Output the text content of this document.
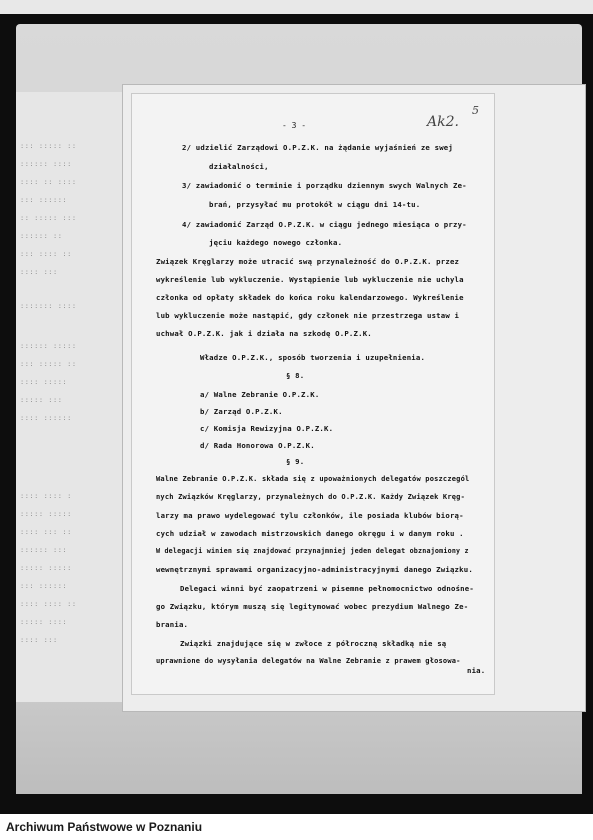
::: ::::: ::
:::::: ::::
:::: :: ::::
::: ::::::
:: ::::: :::
:::::: ::
::: :::: ::
:::: :::
::::::: ::::
:::::: :::::
::: ::::: ::
:::: :::::
::::: :::
:::: ::::::
:::: :::: :
::::: :::::
:::: ::: ::
:::::: :::
::::: :::::
::: ::::::
:::: :::: ::
::::: ::::
:::: :::
- 3 -	Ak2.
5
2/ udzielić Zarządowi O.P.Z.K. na żądanie wyjaśnień ze swej
działalności,
3/ zawiadomić o terminie i porządku dziennym swych Walnych Ze-
brań, przysyłać mu protokół w ciągu dni 14-tu.
4/ zawiadomić Zarząd O.P.Z.K. w ciągu jednego miesiąca o przy-
jęciu każdego nowego członka.
Związek Kręglarzy może utracić swą przynależność do O.P.Z.K. przez
wykreślenie lub wykluczenie. Wystąpienie lub wykluczenie nie uchyla
członka od opłaty składek do końca roku kalendarzowego. Wykreślenie
lub wykluczenie może nastąpić, gdy członek nie przestrzega ustaw i
uchwał O.P.Z.K. jak i działa na szkodę O.P.Z.K.
Władze O.P.Z.K., sposób tworzenia i uzupełnienia.
§ 8.
a/ Walne Zebranie O.P.Z.K.
b/ Zarząd O.P.Z.K.
c/ Komisja Rewizyjna O.P.Z.K.
d/ Rada Honorowa O.P.Z.K.
§ 9.
Walne Zebranie O.P.Z.K. składa się z upoważnionych delegatów poszczegól
nych Związków Kręglarzy, przynależnych do O.P.Z.K. Każdy Związek Kręg-
larzy ma prawo wydelegować tylu członków, ile posiada klubów biorą-
cych udział w zawodach mistrzowskich danego okręgu i w danym roku .
W delegacji winien się znajdować przynajmniej jeden delegat obznajomiony z
wewnętrznymi sprawami organizacyjno-administracyjnymi danego Związku.
Delegaci winni być zaopatrzeni w pisemne pełnomocnictwo odnośne-
go Związku, którym muszą się legitymować wobec prezydium Walnego Ze-
brania.
Związki znajdujące się w zwłoce z półroczną składką nie są
uprawnione do wysyłania delegatów na Walne Zebranie z prawem głosowa-
nia.
Archiwum Państwowe w Poznaniu
